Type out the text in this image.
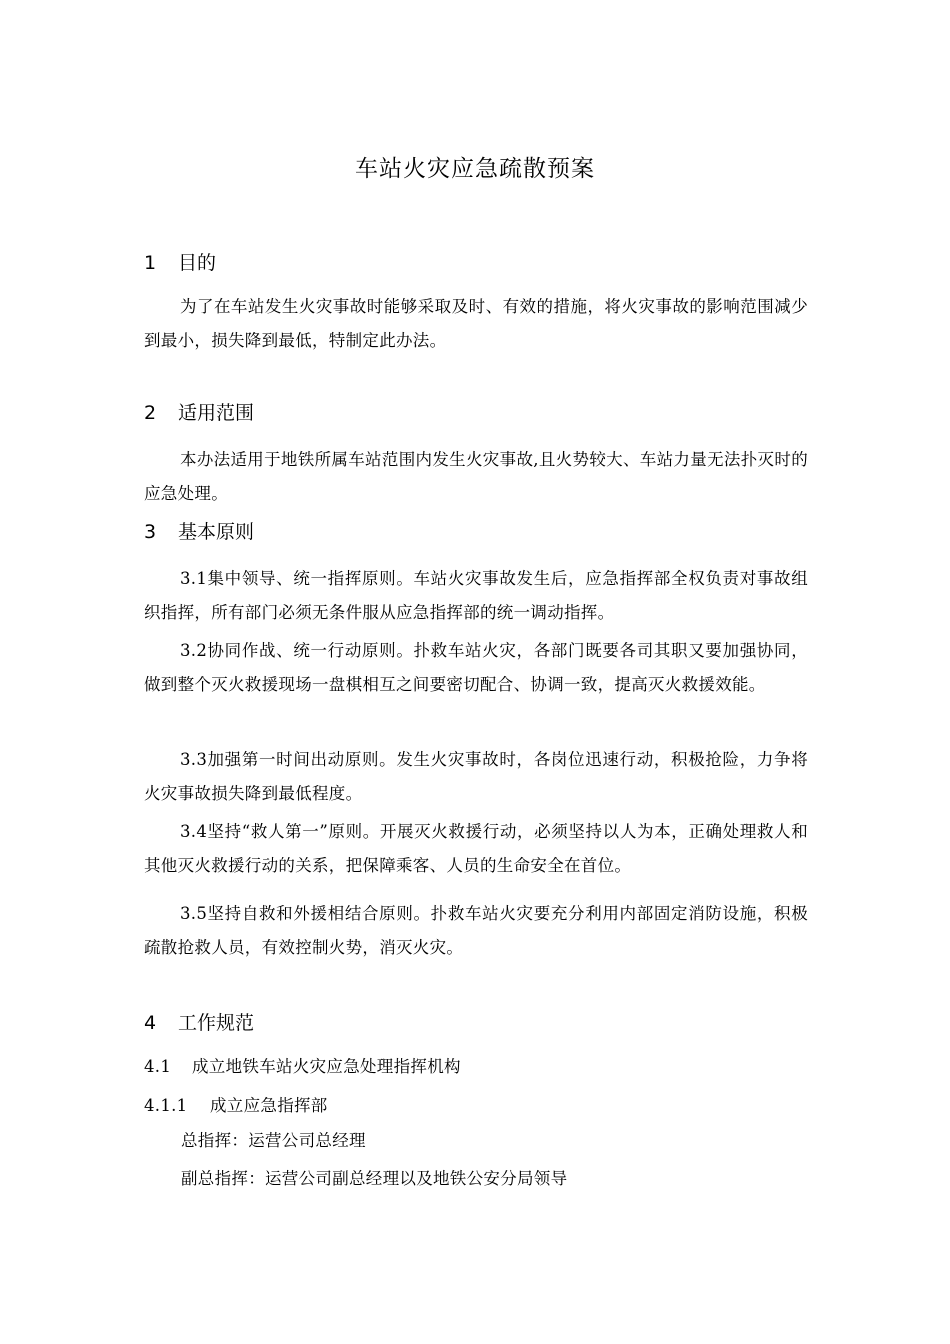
车站火灾应急疏散预案
1 目的

为了在车站发生火灾事故时能够采取及时、有效的措施，将火灾事故的影响范围减少到最小，损失降到最低，特制定此办法。

2 适用范围

本办法适用于地铁所属车站范围内发生火灾事故,且火势较大、车站力量无法扑灭时的应急处理。

3 基本原则

3.1集中领导、统一指挥原则。车站火灾事故发生后，应急指挥部全权负责对事故组织指挥，所有部门必须无条件服从应急指挥部的统一调动指挥。

3.2协同作战、统一行动原则。扑救车站火灾，各部门既要各司其职又要加强协同，做到整个灭火救援现场一盘棋相互之间要密切配合、协调一致，提高灭火救援效能。

3.3加强第一时间出动原则。发生火灾事故时，各岗位迅速行动，积极抢险，力争将火灾事故损失降到最低程度。

3.4坚持“救人第一”原则。开展灭火救援行动，必须坚持以人为本，正确处理救人和其他灭火救援行动的关系，把保障乘客、人员的生命安全在首位。

3.5坚持自救和外援相结合原则。扑救车站火灾要充分利用内部固定消防设施，积极疏散抢救人员，有效控制火势，消灭火灾。

4 工作规范
4.1 成立地铁车站火灾应急处理指挥机构
4.1.1 成立应急指挥部
总指挥：运营公司总经理
副总指挥：运营公司副总经理以及地铁公安分局领导
